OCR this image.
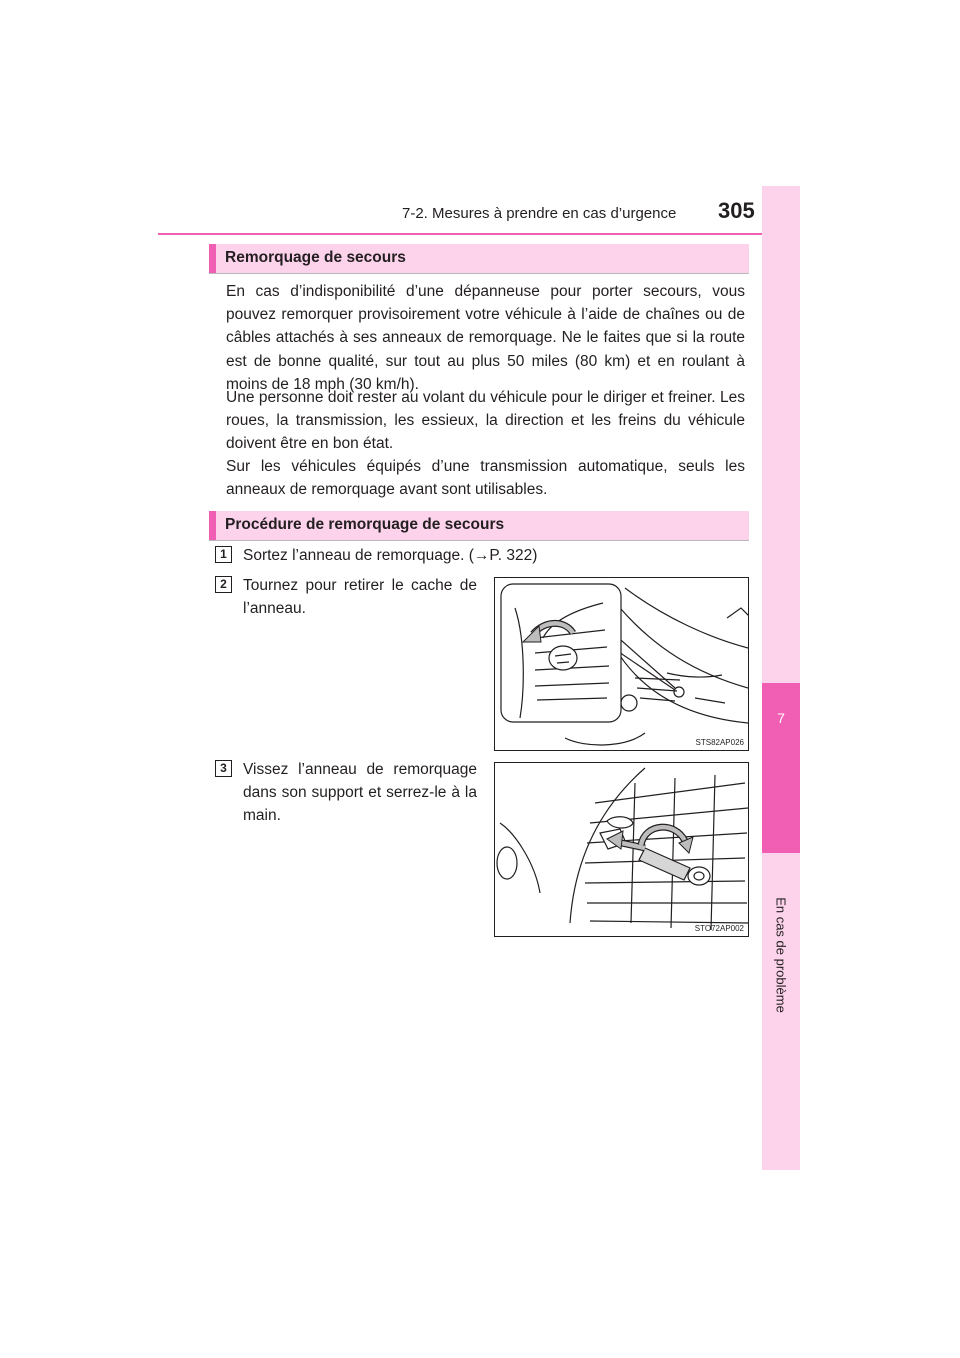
7-2. Mesures à prendre en cas d’urgence 305
7
En cas de problème
Remorquage de secours

En cas d’indisponibilité d’une dépanneuse pour porter secours, vous pouvez remorquer provisoirement votre véhicule à l’aide de chaînes ou de câbles attachés à ses anneaux de remorquage. Ne le faites que si la route est de bonne qualité, sur tout au plus 50 miles (80 km) et en roulant à moins de 18 mph (30 km/h).

Une personne doit rester au volant du véhicule pour le diriger et freiner. Les roues, la transmission, les essieux, la direction et les freins du véhicule doivent être en bon état.

Sur les véhicules équipés d’une transmission automatique, seuls les anneaux de remorquage avant sont utilisables.

Procédure de remorquage de secours
1	Sortez l’anneau de remorquage. (→P. 322)

2	Tournez pour retirer le cache de l’anneau.

STS82AP026
3	Vissez l’anneau de remorquage dans son support et serrez-le à la main.

STO72AP002
